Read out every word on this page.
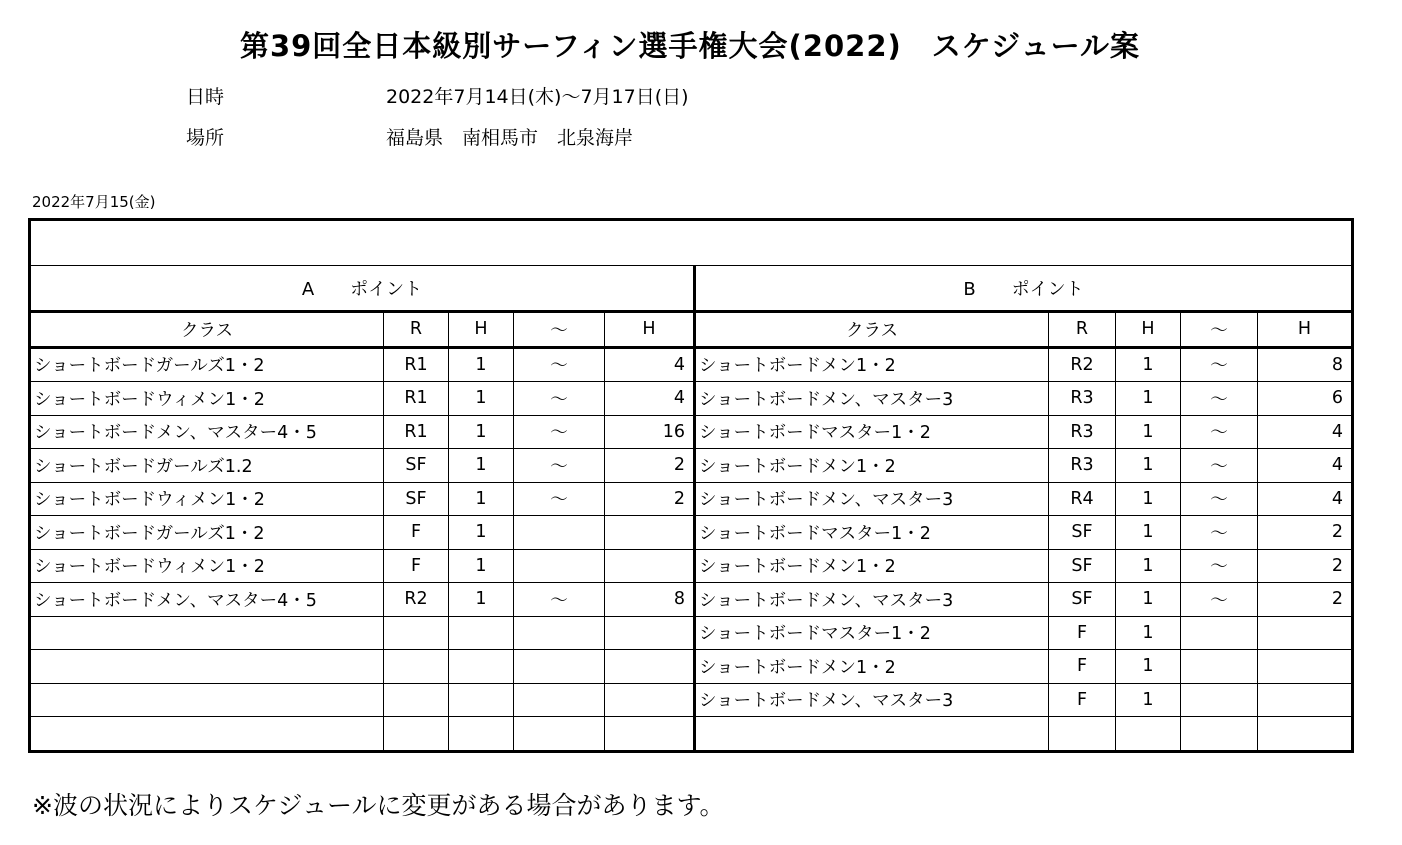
第39回全日本級別サーフィン選手権大会(2022)　スケジュール案
日時	2022年7月14日(木)～7月17日(日)
場所	福島県　南相馬市　北泉海岸
2022年7月15(金)

A　　ポイント					B　　ポイント				
クラス	R	H	～	H	クラス	R	H	～	H
ショートボードガールズ1・2	R1	1	～	4	ショートボードメン1・2	R2	1	～	8
ショートボードウィメン1・2	R1	1	～	4	ショートボードメン、マスター3	R3	1	～	6
ショートボードメン、マスター4・5	R1	1	～	16	ショートボードマスター1・2	R3	1	～	4
ショートボードガールズ1.2	SF	1	～	2	ショートボードメン1・2	R3	1	～	4
ショートボードウィメン1・2	SF	1	～	2	ショートボードメン、マスター3	R4	1	～	4
ショートボードガールズ1・2	F	1			ショートボードマスター1・2	SF	1	～	2
ショートボードウィメン1・2	F	1			ショートボードメン1・2	SF	1	～	2
ショートボードメン、マスター4・5	R2	1	～	8	ショートボードメン、マスター3	SF	1	～	2
					ショートボードマスター1・2	F	1		
					ショートボードメン1・2	F	1		
					ショートボードメン、マスター3	F	1		

※波の状況によりスケジュールに変更がある場合があります。
